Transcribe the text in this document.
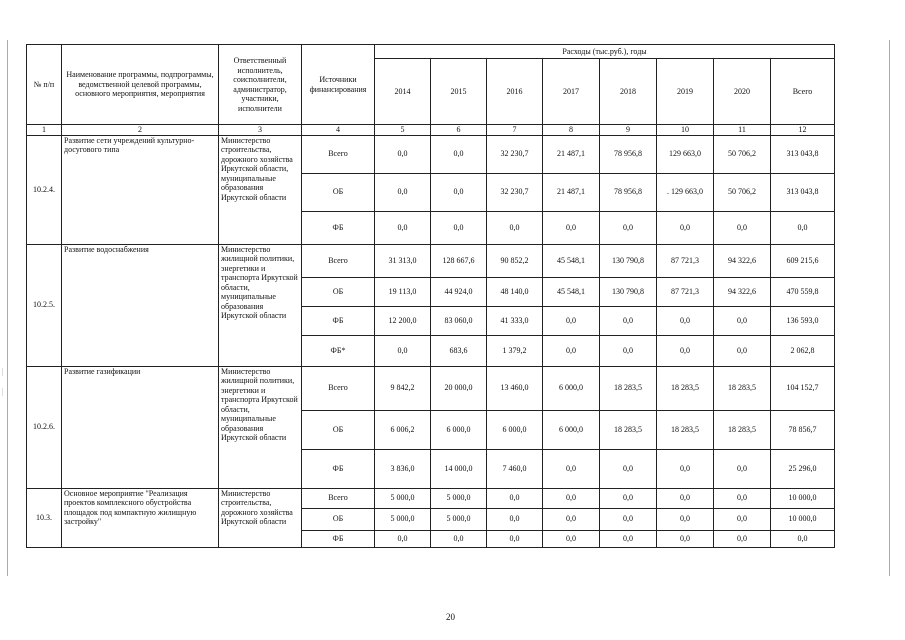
№ п/п	Наименование программы, подпрограммы, ведомственной целевой программы, основного мероприятия, мероприятия	Ответственный исполнитель, соисполнители, администратор, участники, исполнители	Источники финансирования	Расходы (тыс.руб.), годы							
				2014	2015	2016	2017	2018	2019	2020	Всего
1	2	3	4	5	6	7	8	9	10	11	12
10.2.4.	Развитие сети учреждений культурно-досугового типа	Министерство строительства, дорожного хозяйства Иркутской области, муниципальные образования Иркутской области	Всего	0,0	0,0	32 230,7	21 487,1	78 956,8	129 663,0	50 706,2	313 043,8
			ОБ	0,0	0,0	32 230,7	21 487,1	78 956,8	. 129 663,0	50 706,2	313 043,8
			ФБ	0,0	0,0	0,0	0,0	0,0	0,0	0,0	0,0
10.2.5.	Развитие водоснабжения	Министерство жилищной политики, энергетики и транспорта Иркутской области, муниципальные образования Иркутской области	Всего	31 313,0	128 667,6	90 852,2	45 548,1	130 790,8	87 721,3	94 322,6	609 215,6
			ОБ	19 113,0	44 924,0	48 140,0	45 548,1	130 790,8	87 721,3	94 322,6	470 559,8
			ФБ	12 200,0	83 060,0	41 333,0	0,0	0,0	0,0	0,0	136 593,0
			ФБ*	0,0	683,6	1 379,2	0,0	0,0	0,0	0,0	2 062,8
10.2.6.	Развитие газификации	Министерство жилищной политики, энергетики и транспорта Иркутской области, муниципальные образования Иркутской области	Всего	9 842,2	20 000,0	13 460,0	6 000,0	18 283,5	18 283,5	18 283,5	104 152,7
			ОБ	6 006,2	6 000,0	6 000,0	6 000,0	18 283,5	18 283,5	18 283,5	78 856,7
			ФБ	3 836,0	14 000,0	7 460,0	0,0	0,0	0,0	0,0	25 296,0
10.3.	Основное мероприятие "Реализация проектов комплексного обустройства площадок под компактную жилищную застройку"	Министерство строительства, дорожного хозяйства Иркутской области	Всего	5 000,0	5 000,0	0,0	0,0	0,0	0,0	0,0	10 000,0
			ОБ	5 000,0	5 000,0	0,0	0,0	0,0	0,0	0,0	10 000,0
			ФБ	0,0	0,0	0,0	0,0	0,0	0,0	0,0	0,0
20
